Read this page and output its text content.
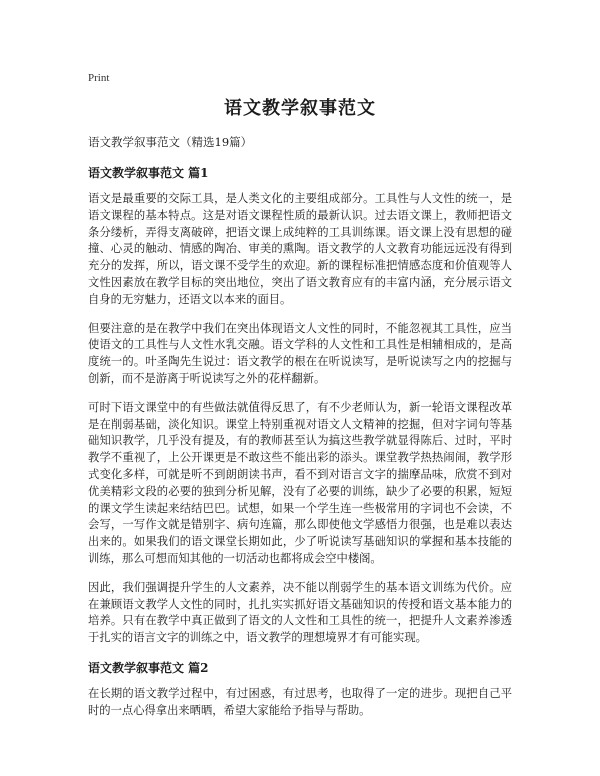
Print
语文教学叙事范文
语文教学叙事范文（精选19篇）
语文教学叙事范文 篇1

语文是最重要的交际工具，是人类文化的主要组成部分。工具性与人文性的统一，是语文课程的基本特点。这是对语文课程性质的最新认识。过去语文课上，教师把语文条分缕析，弄得支离破碎，把语文课上成纯粹的工具训练课。语文课上没有思想的碰撞、心灵的触动、情感的陶冶、审美的熏陶。语文教学的人文教育功能远远没有得到充分的发挥，所以，语文课不受学生的欢迎。新的课程标准把情感态度和价值观等人文性因素放在教学目标的突出地位，突出了语文教育应有的丰富内涵，充分展示语文自身的无穷魅力，还语文以本来的面目。

但要注意的是在教学中我们在突出体现语文人文性的同时，不能忽视其工具性，应当使语文的工具性与人文性水乳交融。语文学科的人文性和工具性是相辅相成的，是高度统一的。叶圣陶先生说过：语文教学的根在在听说读写，是听说读写之内的挖掘与创新，而不是游离于听说读写之外的花样翻新。

可时下语文课堂中的有些做法就值得反思了，有不少老师认为，新一轮语文课程改革是在削弱基础，淡化知识。课堂上特别重视对语文人文精神的挖掘，但对字词句等基础知识教学，几乎没有提及，有的教师甚至认为搞这些教学就显得陈后、过时，平时教学不重视了，上公开课更是不敢这些不能出彩的添头。课堂教学热热闹闹，教学形式变化多样，可就是听不到朗朗读书声，看不到对语言文字的揣摩品味，欣赏不到对优美精彩文段的必要的独到分析见解，没有了必要的训练，缺少了必要的积累，短短的课文学生读起来结结巴巴。试想，如果一个学生连一些极常用的字词也不会读，不会写，一写作文就是错别字、病句连篇，那么即使他文学感悟力很强，也是难以表达出来的。如果我们的语文课堂长期如此，少了听说读写基础知识的掌握和基本技能的训练，那么可想而知其他的一切活动也都将成会空中楼阁。

因此，我们强调提升学生的人文素养，决不能以削弱学生的基本语文训练为代价。应在兼顾语文教学人文性的同时，扎扎实实抓好语文基础知识的传授和语文基本能力的培养。只有在教学中真正做到了语文的人文性和工具性的统一，把提升人文素养渗透于扎实的语言文字的训练之中，语文教学的理想境界才有可能实现。

语文教学叙事范文 篇2

在长期的语文教学过程中，有过困惑，有过思考，也取得了一定的进步。现把自己平时的一点心得拿出来晒晒，希望大家能给予指导与帮助。
